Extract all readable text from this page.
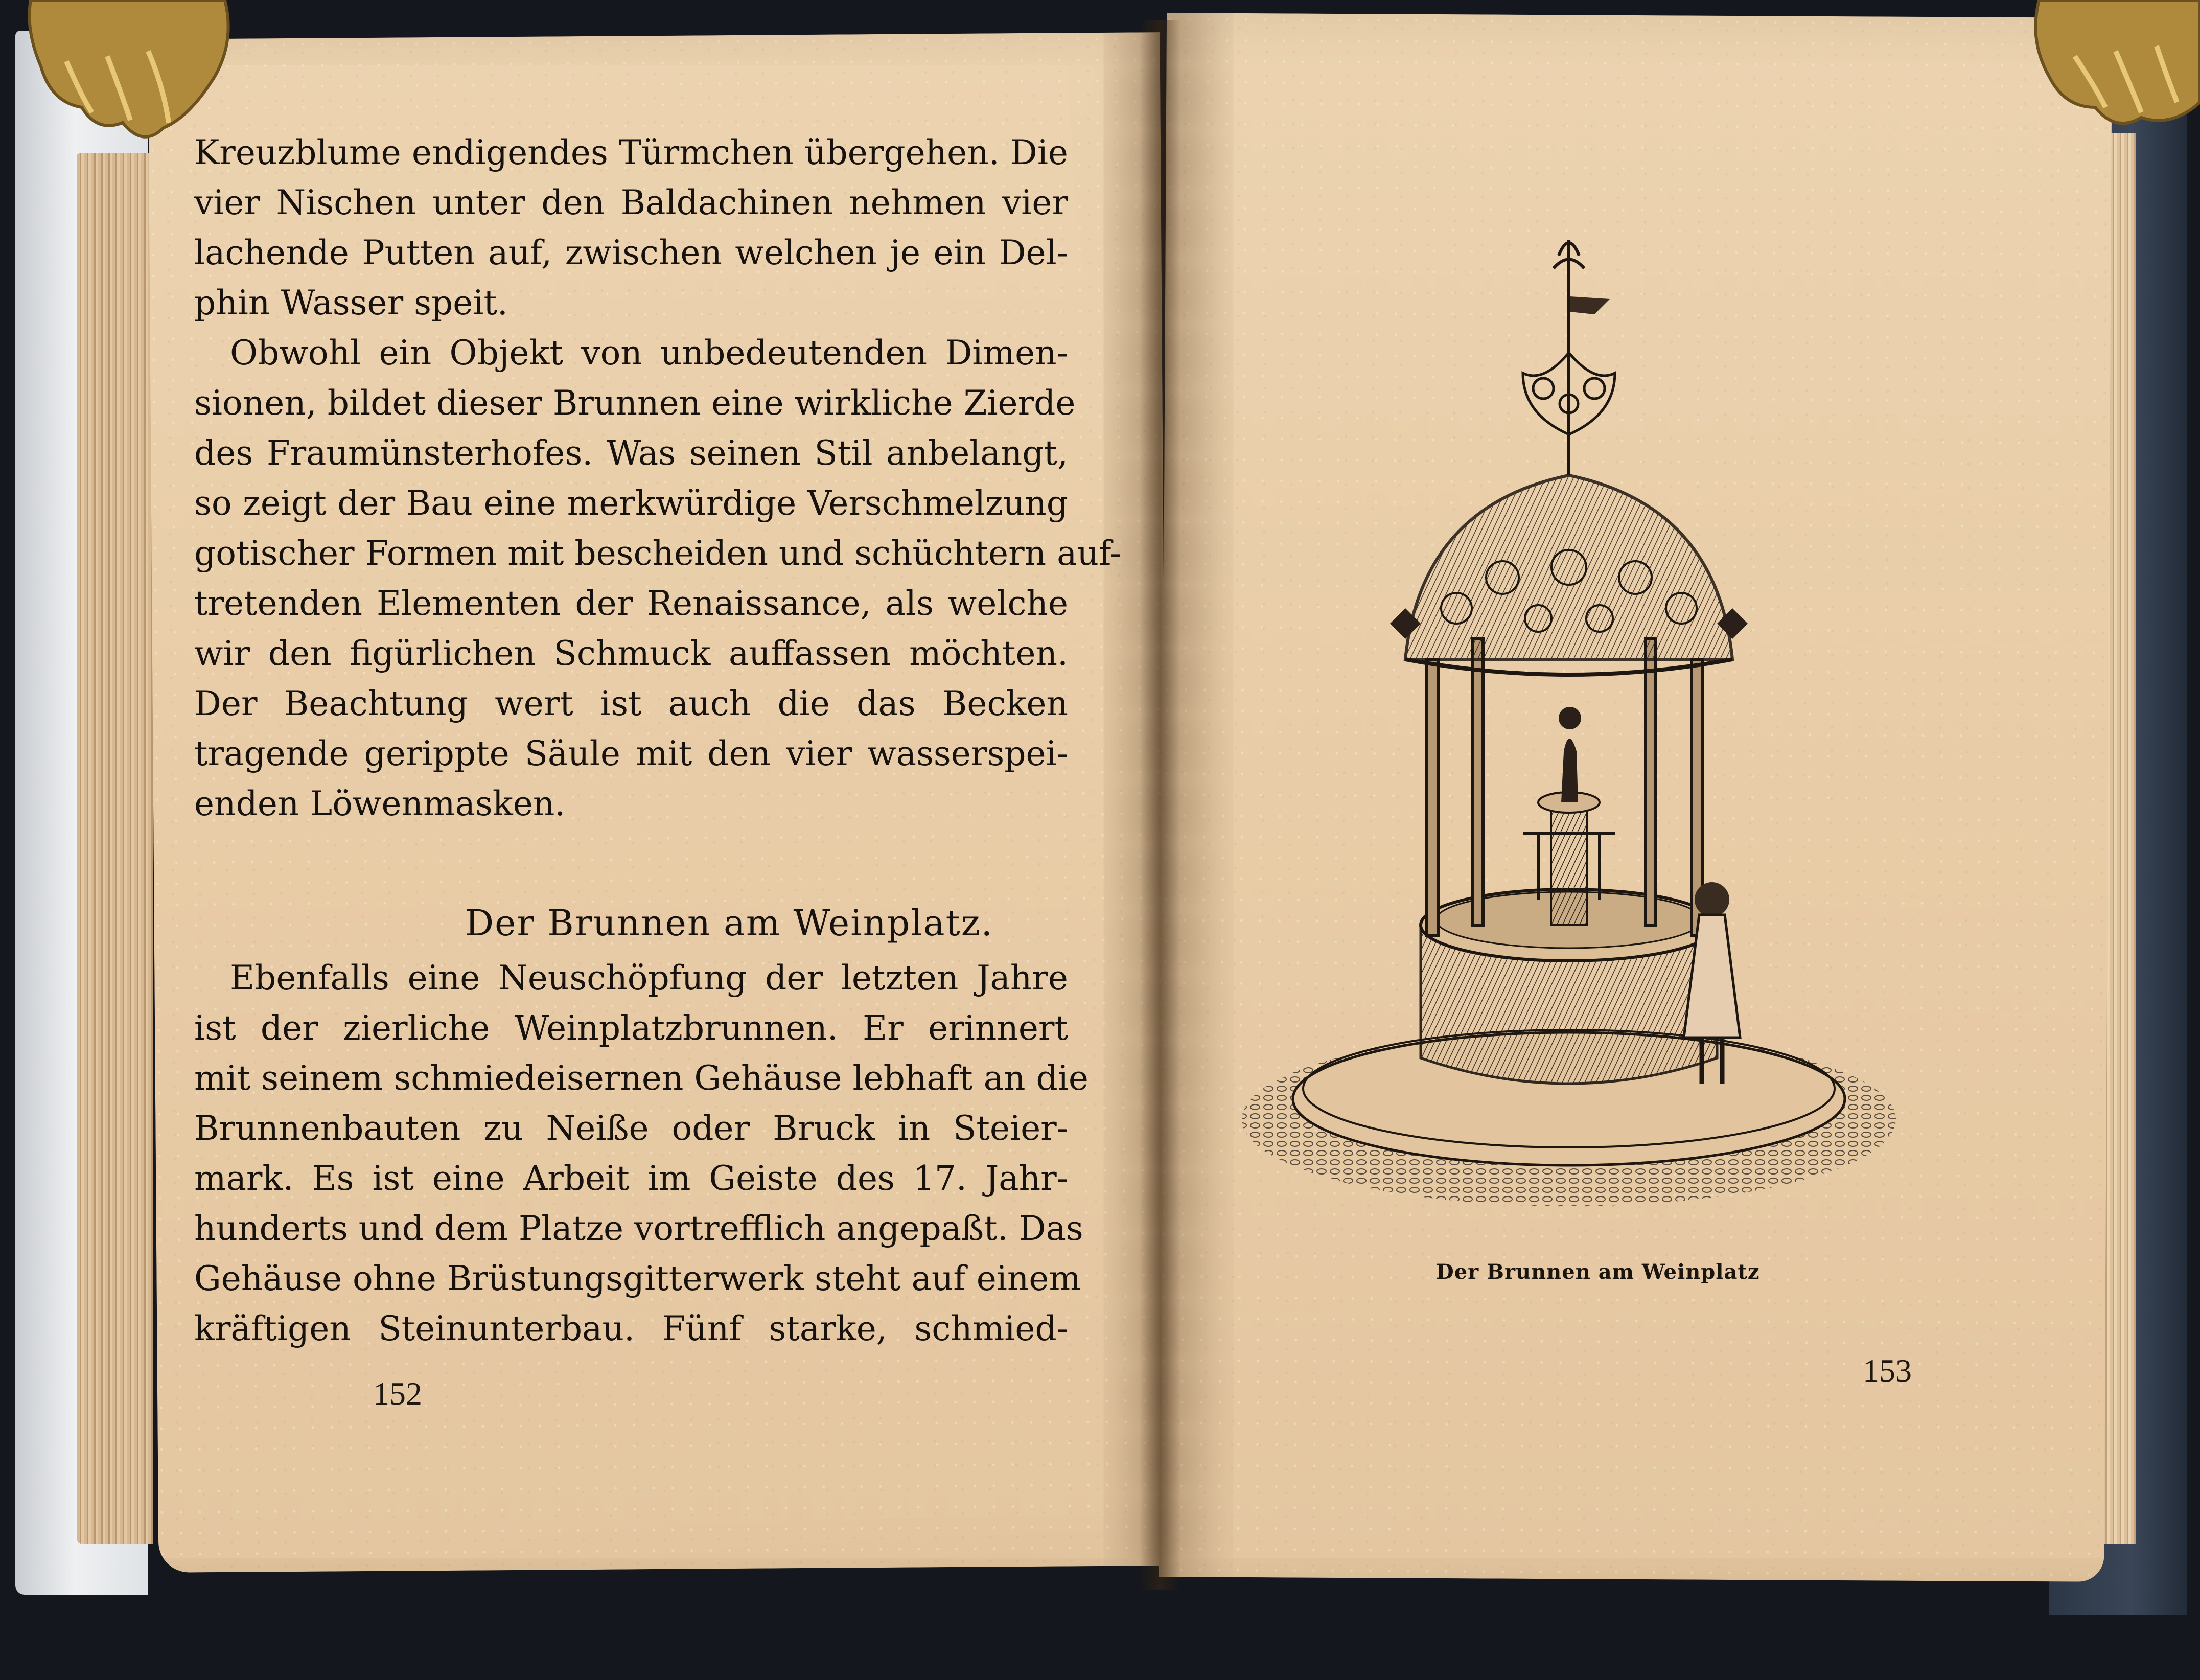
Kreuzblume endigendes Türmchen übergehen. Die

vier Nischen unter den Baldachinen nehmen vier

lachende Putten auf, zwischen welchen je ein Del-

phin Wasser speit.

Obwohl ein Objekt von unbedeutenden Dimen-

sionen, bildet dieser Brunnen eine wirkliche Zierde

des Fraumünsterhofes. Was seinen Stil anbelangt,

so zeigt der Bau eine merkwürdige Verschmelzung

gotischer Formen mit bescheiden und schüchtern auf-

tretenden Elementen der Renaissance, als welche

wir den figürlichen Schmuck auffassen möchten.

Der Beachtung wert ist auch die das Becken

tragende gerippte Säule mit den vier wasserspei-

enden Löwenmasken.

Der Brunnen am Weinplatz.

Ebenfalls eine Neuschöpfung der letzten Jahre

ist der zierliche Weinplatzbrunnen. Er erinnert

mit seinem schmiedeisernen Gehäuse lebhaft an die

Brunnenbauten zu Neiße oder Bruck in Steier-

mark. Es ist eine Arbeit im Geiste des 17. Jahr-

hunderts und dem Platze vortrefflich angepaßt. Das

Gehäuse ohne Brüstungsgitterwerk steht auf einem

kräftigen Steinunterbau. Fünf starke, schmied-

152
Der Brunnen am Weinplatz
153
